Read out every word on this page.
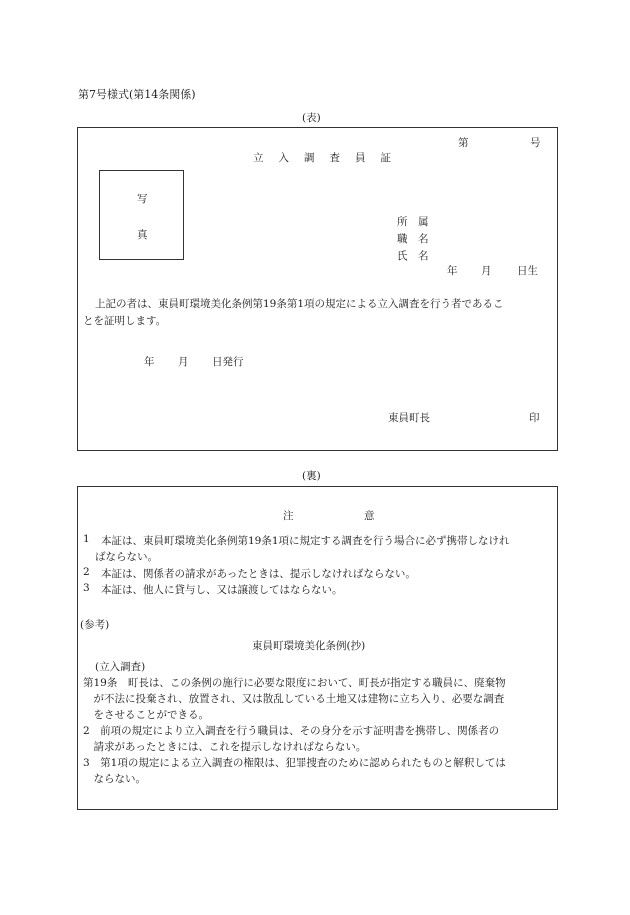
第7号様式(第14条関係)
(表)
第	号
立入調査員証
写
真
所　属
職　名
氏　名
年 月 日生
上記の者は、東員町環境美化条例第19条第1項の規定による立入調査を行う者であるこ
とを証明します。
年 月 日発行
東員町長	印
(裏)
注　意
1 本証は、東員町環境美化条例第19条1項に規定する調査を行う場合に必ず携帯しなけれ
ばならない。
2 本証は、関係者の請求があったときは、提示しなければならない。
3 本証は、他人に貸与し、又は譲渡してはならない。
(参考)
東員町環境美化条例(抄)
(立入調査)
第19条　町長は、この条例の施行に必要な限度において、町長が指定する職員に、廃棄物
　が不法に投棄され、放置され、又は散乱している土地又は建物に立ち入り、必要な調査
　をさせることができる。
2　前項の規定により立入調査を行う職員は、その身分を示す証明書を携帯し、関係者の
　請求があったときには、これを提示しなければならない。
3　第1項の規定による立入調査の権限は、犯罪捜査のために認められたものと解釈しては
　ならない。
